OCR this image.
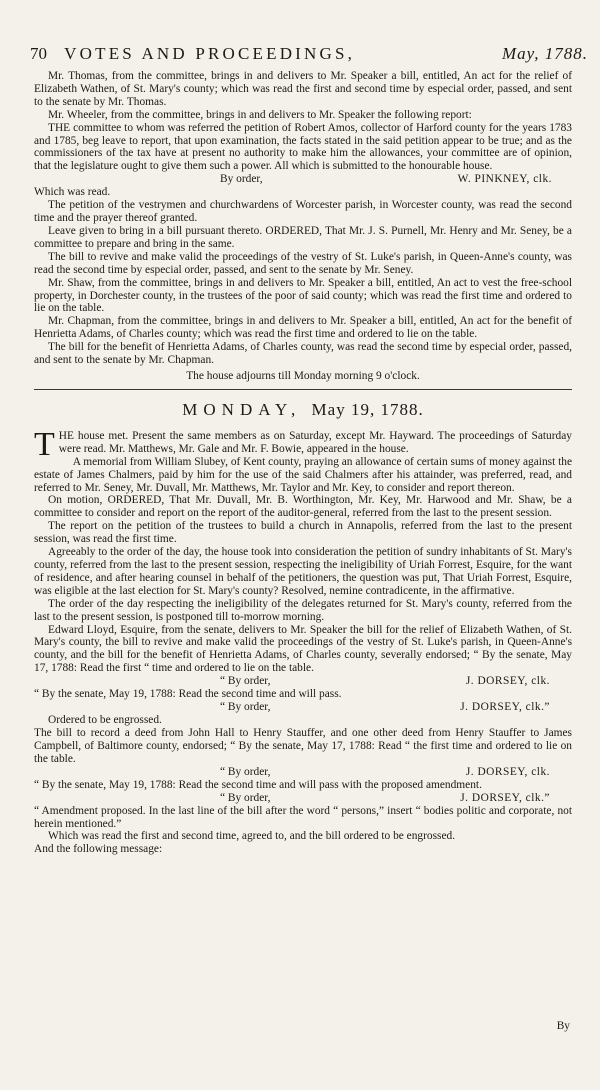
70 VOTES AND PROCEEDINGS,	May, 1788.

Mr. Thomas, from the committee, brings in and delivers to Mr. Speaker a bill, entitled, An act for the relief of Elizabeth Wathen, of St. Mary's county; which was read the first and second time by especial order, passed, and sent to the senate by Mr. Thomas.

Mr. Wheeler, from the committee, brings in and delivers to Mr. Speaker the following report:

THE committee to whom was referred the petition of Robert Amos, collector of Harford county for the years 1783 and 1785, beg leave to report, that upon examination, the facts stated in the said petition appear to be true; and as the commissioners of the tax have at present no authority to make him the allowances, your committee are of opinion, that the legislature ought to give them such a power. All which is submitted to the honourable house.

By order,	W. PINKNEY, clk.

Which was read.

The petition of the vestrymen and churchwardens of Worcester parish, in Worcester county, was read the second time and the prayer thereof granted.

Leave given to bring in a bill pursuant thereto. ORDERED, That Mr. J. S. Purnell, Mr. Henry and Mr. Seney, be a committee to prepare and bring in the same.

The bill to revive and make valid the proceedings of the vestry of St. Luke's parish, in Queen-Anne's county, was read the second time by especial order, passed, and sent to the senate by Mr. Seney.

Mr. Shaw, from the committee, brings in and delivers to Mr. Speaker a bill, entitled, An act to vest the free-school property, in Dorchester county, in the trustees of the poor of said county; which was read the first time and ordered to lie on the table.

Mr. Chapman, from the committee, brings in and delivers to Mr. Speaker a bill, entitled, An act for the benefit of Henrietta Adams, of Charles county; which was read the first time and ordered to lie on the table.

The bill for the benefit of Henrietta Adams, of Charles county, was read the second time by especial order, passed, and sent to the senate by Mr. Chapman.

The house adjourns till Monday morning 9 o'clock.
MONDAY, May 19, 1788.

THE house met. Present the same members as on Saturday, except Mr. Hayward. The proceedings of Saturday were read. Mr. Matthews, Mr. Gale and Mr. F. Bowie, appeared in the house.

A memorial from William Slubey, of Kent county, praying an allowance of certain sums of money against the estate of James Chalmers, paid by him for the use of the said Chalmers after his attainder, was preferred, read, and referred to Mr. Seney, Mr. Duvall, Mr. Matthews, Mr. Taylor and Mr. Key, to consider and report thereon.

On motion, ORDERED, That Mr. Duvall, Mr. B. Worthington, Mr. Key, Mr. Harwood and Mr. Shaw, be a committee to consider and report on the report of the auditor-general, referred from the last to the present session.

The report on the petition of the trustees to build a church in Annapolis, referred from the last to the present session, was read the first time.

Agreeably to the order of the day, the house took into consideration the petition of sundry inhabitants of St. Mary's county, referred from the last to the present session, respecting the ineligibility of Uriah Forrest, Esquire, for the want of residence, and after hearing counsel in behalf of the petitioners, the question was put, That Uriah Forrest, Esquire, was eligible at the last election for St. Mary's county? Resolved, nemine contradicente, in the affirmative.

The order of the day respecting the ineligibility of the delegates returned for St. Mary's county, referred from the last to the present session, is postponed till to-morrow morning.

Edward Lloyd, Esquire, from the senate, delivers to Mr. Speaker the bill for the relief of Elizabeth Wathen, of St. Mary's county, the bill to revive and make valid the proceedings of the vestry of St. Luke's parish, in Queen-Anne's county, and the bill for the benefit of Henrietta Adams, of Charles county, severally endorsed; “ By the senate, May 17, 1788: Read the first “ time and ordered to lie on the table.

“ By order,	J. DORSEY, clk.

“ By the senate, May 19, 1788: Read the second time and will pass.

“ By order,	J. DORSEY, clk.”

Ordered to be engrossed.

The bill to record a deed from John Hall to Henry Stauffer, and one other deed from Henry Stauffer to James Campbell, of Baltimore county, endorsed; “ By the senate, May 17, 1788: Read “ the first time and ordered to lie on the table.

“ By order,	J. DORSEY, clk.

“ By the senate, May 19, 1788: Read the second time and will pass with the proposed amendment.

“ By order,	J. DORSEY, clk.”

“ Amendment proposed. In the last line of the bill after the word “ persons,” insert “ bodies politic and corporate, not herein mentioned.”

Which was read the first and second time, agreed to, and the bill ordered to be engrossed.

And the following message:

By
